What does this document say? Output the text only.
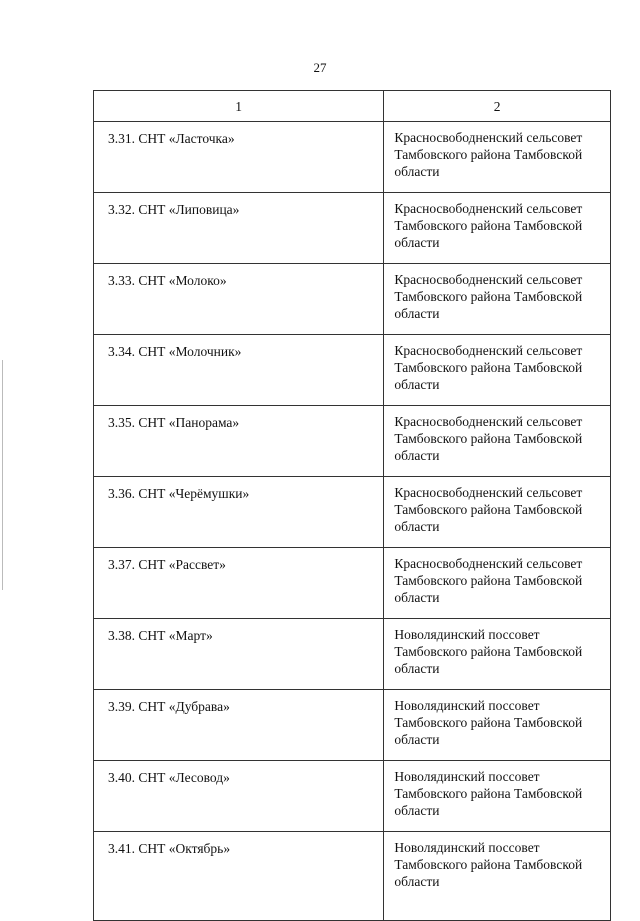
27
1	2
3.31. СНТ «Ласточка»	Красносвободненский сельсовет
Тамбовского района Тамбовской
области

3.32. СНТ «Липовица»	Красносвободненский сельсовет
Тамбовского района Тамбовской
области

3.33. СНТ «Молоко»	Красносвободненский сельсовет
Тамбовского района Тамбовской
области

3.34. СНТ «Молочник»	Красносвободненский сельсовет
Тамбовского района Тамбовской
области

3.35. СНТ «Панорама»	Красносвободненский сельсовет
Тамбовского района Тамбовской
области

3.36. СНТ «Черёмушки»	Красносвободненский сельсовет
Тамбовского района Тамбовской
области

3.37. СНТ «Рассвет»	Красносвободненский сельсовет
Тамбовского района Тамбовской
области

3.38. СНТ «Март»	Новолядинский поссовет
Тамбовского района Тамбовской
области

3.39. СНТ «Дубрава»	Новолядинский поссовет
Тамбовского района Тамбовской
области

3.40. СНТ «Лесовод»	Новолядинский поссовет
Тамбовского района Тамбовской
области

3.41. СНТ «Октябрь»	Новолядинский поссовет
Тамбовского района Тамбовской
области
